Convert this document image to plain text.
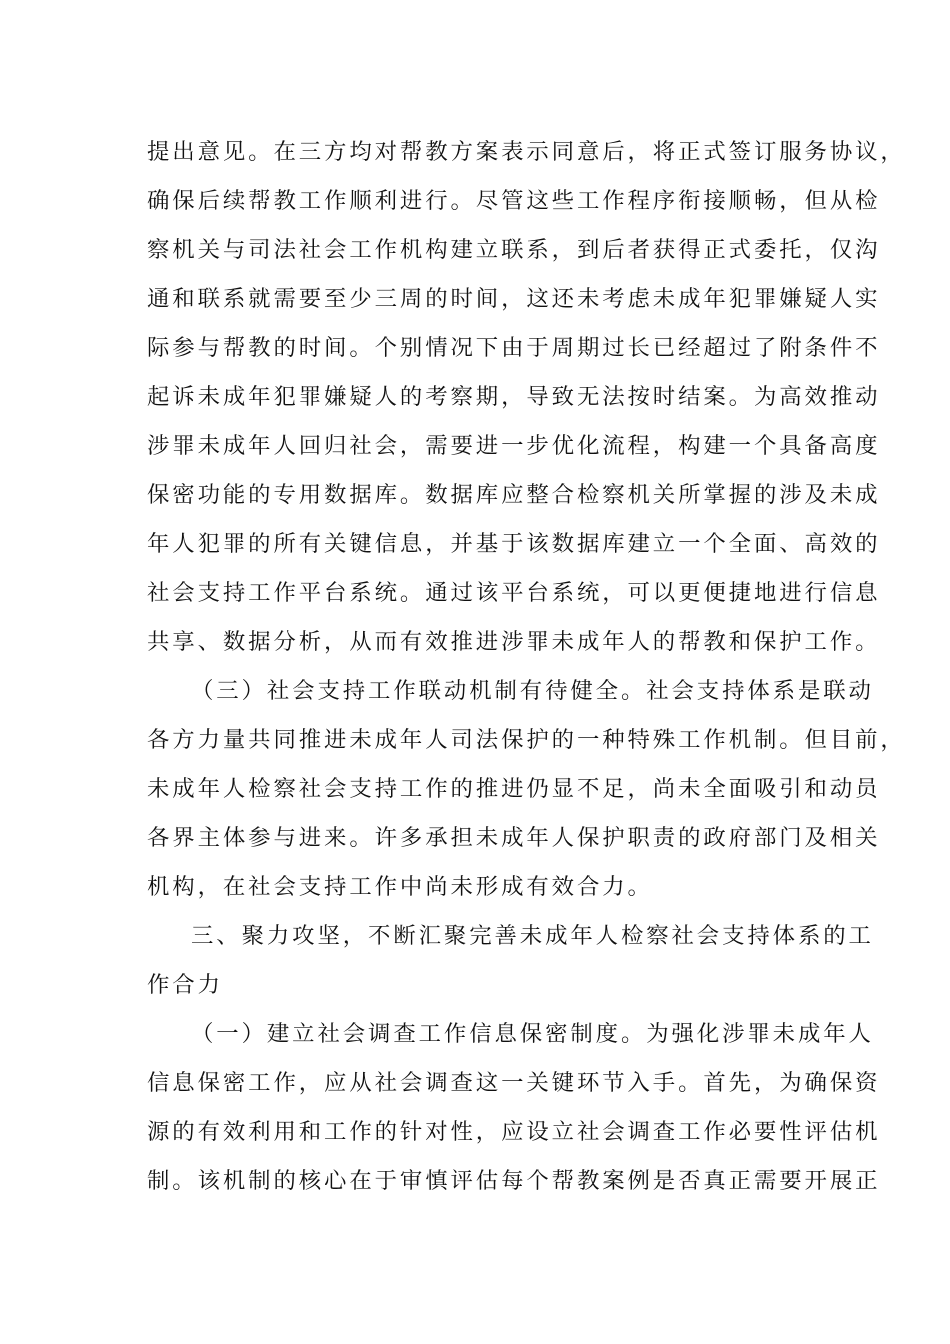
提出意见。在三方均对帮教方案表示同意后，将正式签订服务协议，
确保后续帮教工作顺利进行。尽管这些工作程序衔接顺畅，但从检
察机关与司法社会工作机构建立联系，到后者获得正式委托，仅沟
通和联系就需要至少三周的时间，这还未考虑未成年犯罪嫌疑人实
际参与帮教的时间。个别情况下由于周期过长已经超过了附条件不
起诉未成年犯罪嫌疑人的考察期，导致无法按时结案。为高效推动
涉罪未成年人回归社会，需要进一步优化流程，构建一个具备高度
保密功能的专用数据库。数据库应整合检察机关所掌握的涉及未成
年人犯罪的所有关键信息，并基于该数据库建立一个全面、高效的
社会支持工作平台系统。通过该平台系统，可以更便捷地进行信息
共享、数据分析，从而有效推进涉罪未成年人的帮教和保护工作。
（三）社会支持工作联动机制有待健全。社会支持体系是联动
各方力量共同推进未成年人司法保护的一种特殊工作机制。但目前，
未成年人检察社会支持工作的推进仍显不足，尚未全面吸引和动员
各界主体参与进来。许多承担未成年人保护职责的政府部门及相关
机构，在社会支持工作中尚未形成有效合力。
三、聚力攻坚，不断汇聚完善未成年人检察社会支持体系的工
作合力
（一）建立社会调查工作信息保密制度。为强化涉罪未成年人
信息保密工作，应从社会调查这一关键环节入手。首先，为确保资
源的有效利用和工作的针对性，应设立社会调查工作必要性评估机
制。该机制的核心在于审慎评估每个帮教案例是否真正需要开展正
